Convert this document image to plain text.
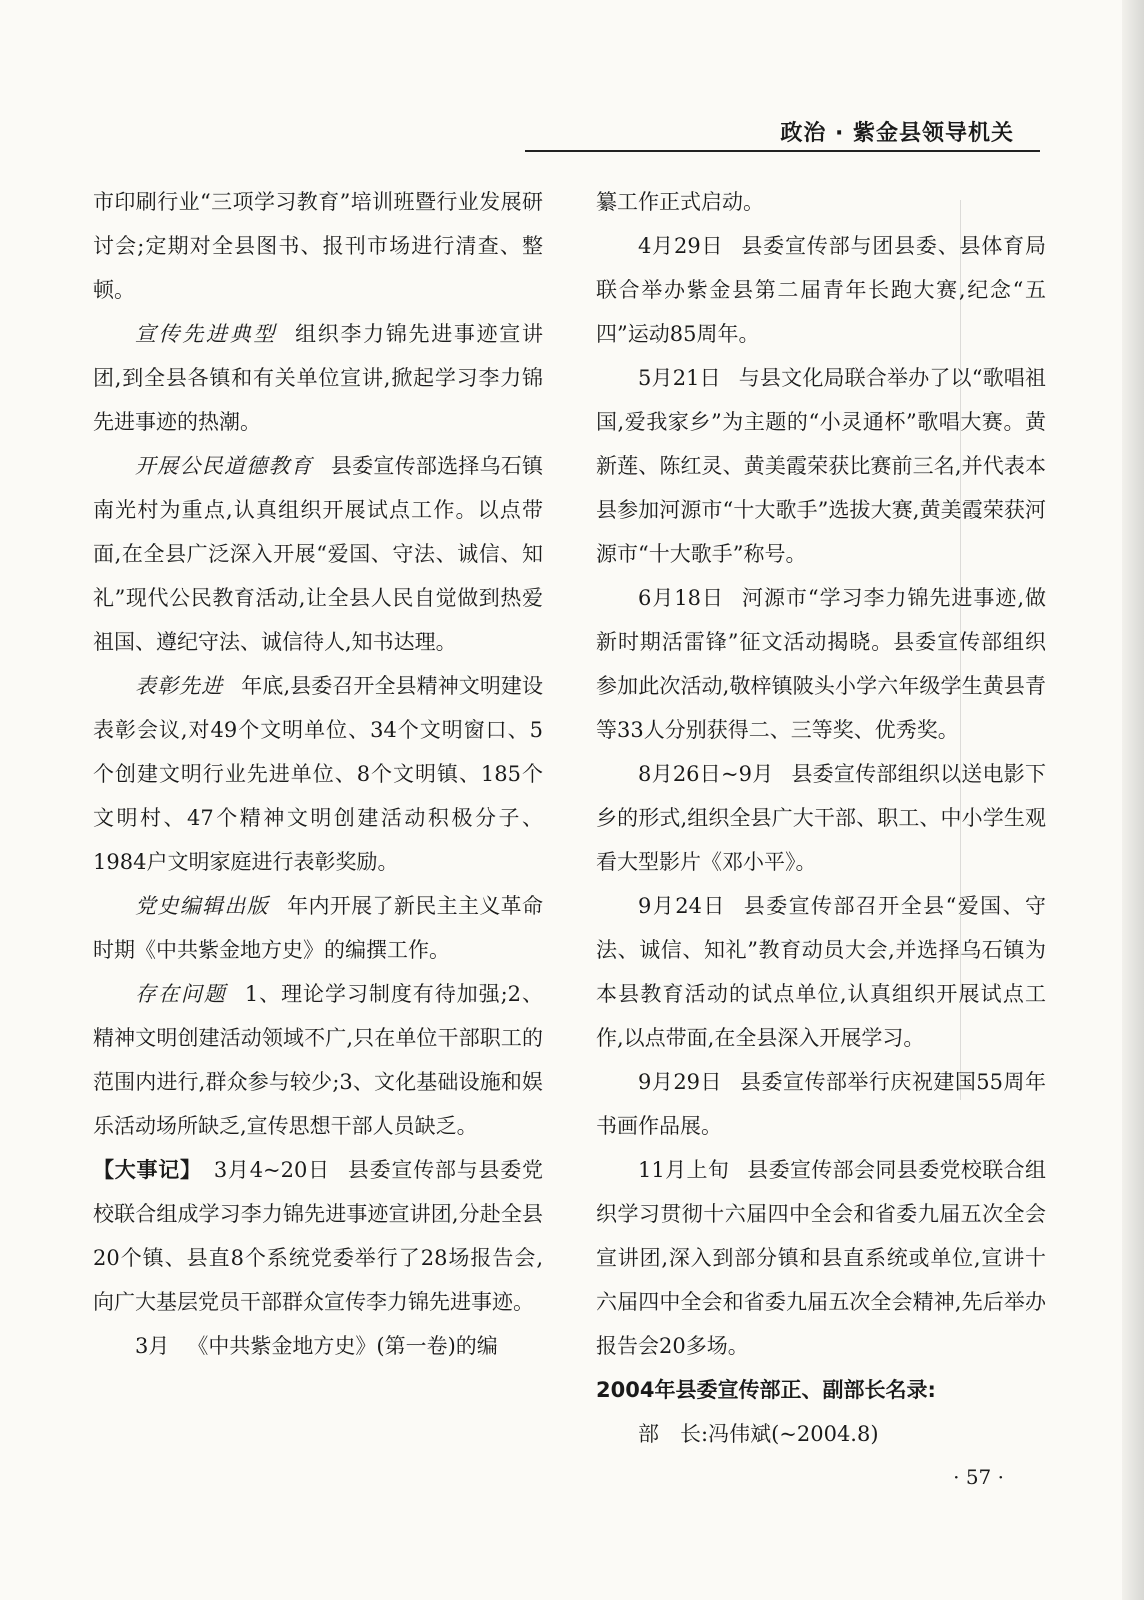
政治 · 紫金县领导机关

市印刷行业“三项学习教育”培训班暨行业发展研讨会;定期对全县图书、报刊市场进行清查、整顿。

宣传先进典型 组织李力锦先进事迹宣讲团,到全县各镇和有关单位宣讲,掀起学习李力锦先进事迹的热潮。

开展公民道德教育 县委宣传部选择乌石镇南光村为重点,认真组织开展试点工作。以点带面,在全县广泛深入开展“爱国、守法、诚信、知礼”现代公民教育活动,让全县人民自觉做到热爱祖国、遵纪守法、诚信待人,知书达理。

表彰先进 年底,县委召开全县精神文明建设表彰会议,对49个文明单位、34个文明窗口、5个创建文明行业先进单位、8个文明镇、185个文明村、47个精神文明创建活动积极分子、1984户文明家庭进行表彰奖励。

党史编辑出版 年内开展了新民主主义革命时期《中共紫金地方史》的编撰工作。

存在问题 1、理论学习制度有待加强;2、精神文明创建活动领域不广,只在单位干部职工的范围内进行,群众参与较少;3、文化基础设施和娱乐活动场所缺乏,宣传思想干部人员缺乏。

【大事记】 3月4~20日 县委宣传部与县委党校联合组成学习李力锦先进事迹宣讲团,分赴全县20个镇、县直8个系统党委举行了28场报告会,向广大基层党员干部群众宣传李力锦先进事迹。

3月 《中共紫金地方史》(第一卷)的编

纂工作正式启动。

4月29日 县委宣传部与团县委、县体育局联合举办紫金县第二届青年长跑大赛,纪念“五四”运动85周年。

5月21日 与县文化局联合举办了以“歌唱祖国,爱我家乡”为主题的“小灵通杯”歌唱大赛。黄新莲、陈红灵、黄美霞荣获比赛前三名,并代表本县参加河源市“十大歌手”选拔大赛,黄美霞荣获河源市“十大歌手”称号。

6月18日 河源市“学习李力锦先进事迹,做新时期活雷锋”征文活动揭晓。县委宣传部组织参加此次活动,敬梓镇陂头小学六年级学生黄县青等33人分别获得二、三等奖、优秀奖。

8月26日~9月 县委宣传部组织以送电影下乡的形式,组织全县广大干部、职工、中小学生观看大型影片《邓小平》。

9月24日 县委宣传部召开全县“爱国、守法、诚信、知礼”教育动员大会,并选择乌石镇为本县教育活动的试点单位,认真组织开展试点工作,以点带面,在全县深入开展学习。

9月29日 县委宣传部举行庆祝建国55周年书画作品展。

11月上旬 县委宣传部会同县委党校联合组织学习贯彻十六届四中全会和省委九届五次全会宣讲团,深入到部分镇和县直系统或单位,宣讲十六届四中全会和省委九届五次全会精神,先后举办报告会20多场。

2004年县委宣传部正、副部长名录:

部　长:冯伟斌(~2004.8)

· 57 ·
